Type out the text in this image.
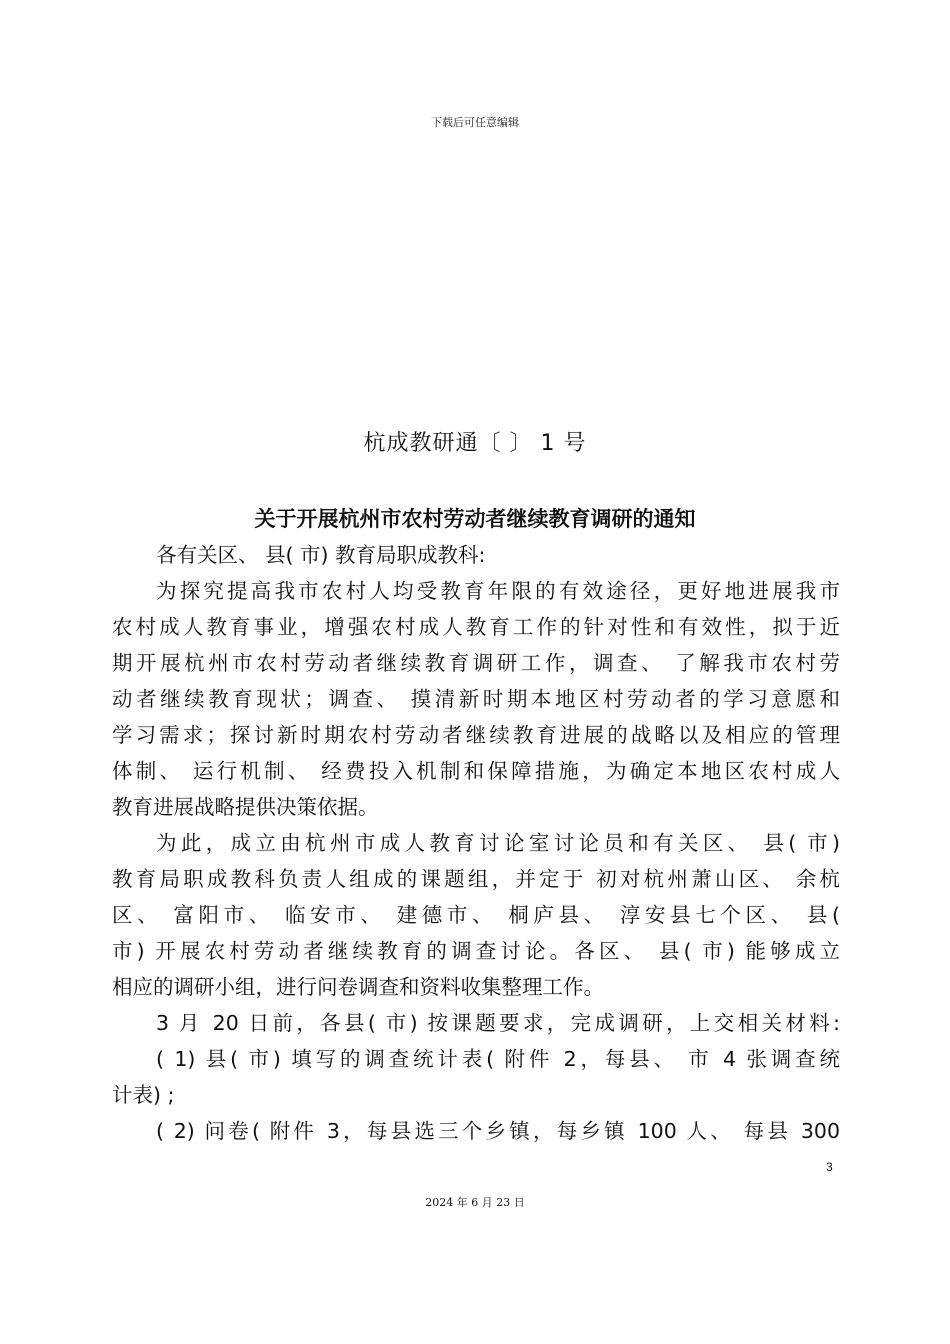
下载后可任意编辑
杭成教研通〔 〕 1 号
关于开展杭州市农村劳动者继续教育调研的通知
各有关区、 县( 市) 教育局职成教科:
为探究提高我市农村人均受教育年限的有效途径，更好地进展我市
农村成人教育事业，增强农村成人教育工作的针对性和有效性，拟于近
期开展杭州市农村劳动者继续教育调研工作，调查、 了解我市农村劳
动者继续教育现状；调查、 摸清新时期本地区村劳动者的学习意愿和
学习需求；探讨新时期农村劳动者继续教育进展的战略以及相应的管理
体制、 运行机制、 经费投入机制和保障措施，为确定本地区农村成人
教育进展战略提供决策依据。
为此，成立由杭州市成人教育讨论室讨论员和有关区、 县( 市)
教育局职成教科负责人组成的课题组，并定于 初对杭州萧山区、 余杭
区、 富阳市、 临安市、 建德市、 桐庐县、 淳安县七个区、 县(
市) 开展农村劳动者继续教育的调查讨论。各区、 县( 市) 能够成立
相应的调研小组，进行问卷调查和资料收集整理工作。
3 月 20 日前，各县( 市) 按课题要求，完成调研，上交相关材料:
( 1) 县( 市) 填写的调查统计表( 附件 2，每县、 市 4 张调查统
计表) ;
( 2) 问卷( 附件 3，每县选三个乡镇，每乡镇 100 人、 每县 300
3
2024 年 6 月 23 日
